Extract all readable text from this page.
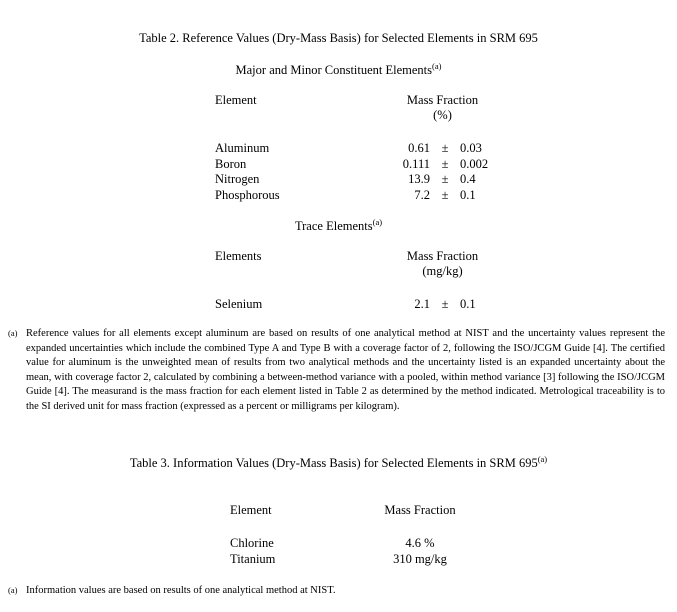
Table 2. Reference Values (Dry-Mass Basis) for Selected Elements in SRM 695
Major and Minor Constituent Elements$^{(a)}$
Element	Mass Fraction		
	(%)		

Aluminum	0.61	±	0.03
Boron	0.111	±	0.002
Nitrogen	13.9	±	0.4
Phosphorous	7.2	±	0.1
Trace Elements$^{(a)}$
Elements	Mass Fraction		
	(mg/kg)		

Selenium	2.1	±	0.1
(a) Reference values for all elements except aluminum are based on results of one analytical method at NIST and the uncertainty values represent the expanded uncertainties which include the combined Type A and Type B with a coverage factor of 2, following the ISO/JCGM Guide [4]. The certified value for aluminum is the unweighted mean of results from two analytical methods and the uncertainty listed is an expanded uncertainty about the mean, with coverage factor 2, calculated by combining a between-method variance with a pooled, within method variance [3] following the ISO/JCGM Guide [4]. The measurand is the mass fraction for each element listed in Table 2 as determined by the method indicated. Metrological traceability is to the SI derived unit for mass fraction (expressed as a percent or milligrams per kilogram).
Table 3. Information Values (Dry-Mass Basis) for Selected Elements in SRM 695$^{(a)}$
Element	Mass Fraction

Chlorine	4.6 %
Titanium	310 mg/kg
(a) Information values are based on results of one analytical method at NIST.
